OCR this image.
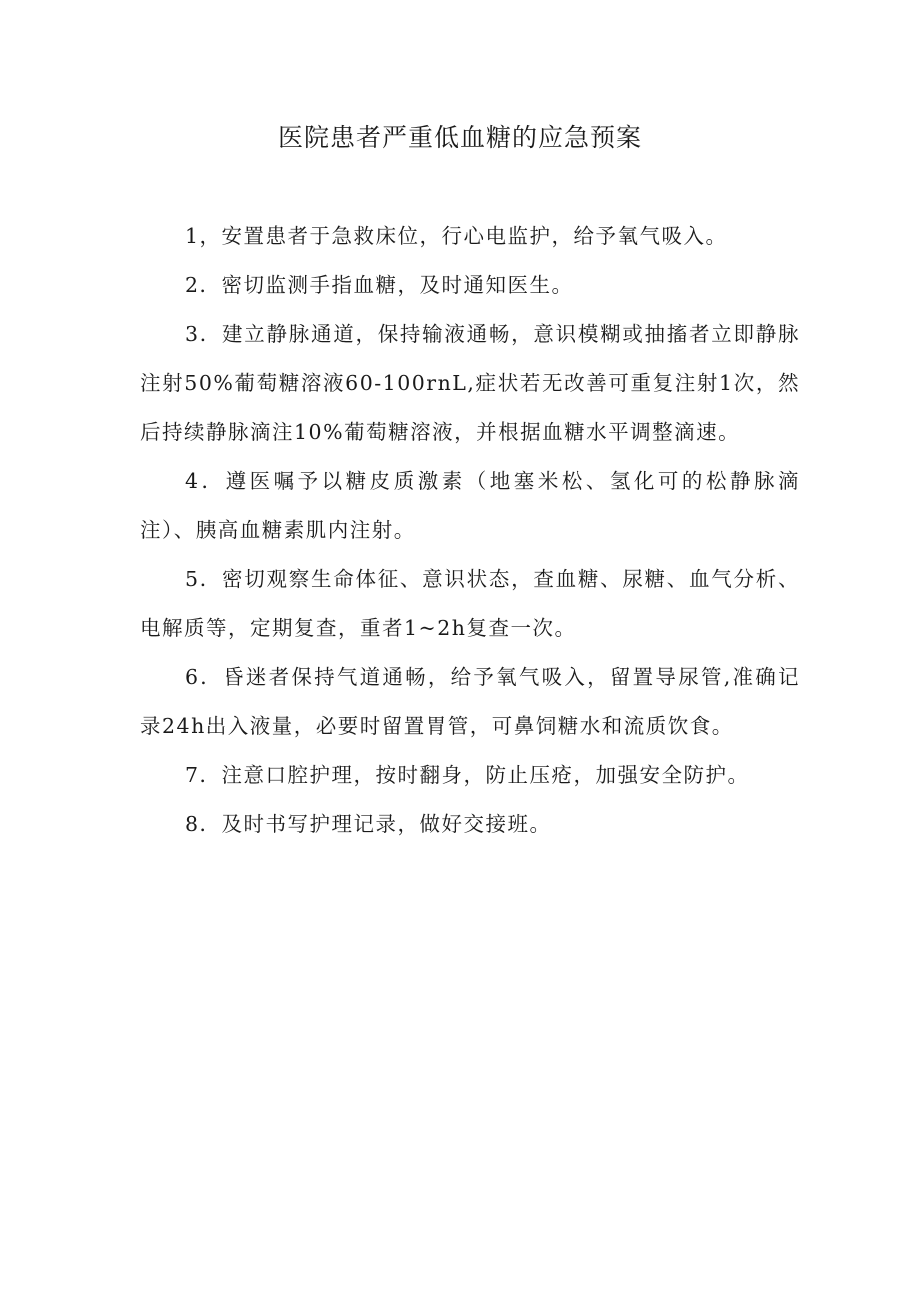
医院患者严重低血糖的应急预案

1，安置患者于急救床位，行心电监护，给予氧气吸入。

2．密切监测手指血糖，及时通知医生。

3．建立静脉通道，保持输液通畅，意识模糊或抽搐者立即静脉注射50%葡萄糖溶液60-100rnL,症状若无改善可重复注射1次，然后持续静脉滴注10%葡萄糖溶液，并根据血糖水平调整滴速。

4．遵医嘱予以糖皮质激素（地塞米松、氢化可的松静脉滴注）、胰高血糖素肌内注射。

5．密切观察生命体征、意识状态，查血糖、尿糖、血气分析、电解质等，定期复查，重者1~2h复查一次。

6．昏迷者保持气道通畅，给予氧气吸入，留置导尿管,准确记录24h出入液量，必要时留置胃管，可鼻饲糖水和流质饮食。

7．注意口腔护理，按时翻身，防止压疮，加强安全防护。

8．及时书写护理记录，做好交接班。
